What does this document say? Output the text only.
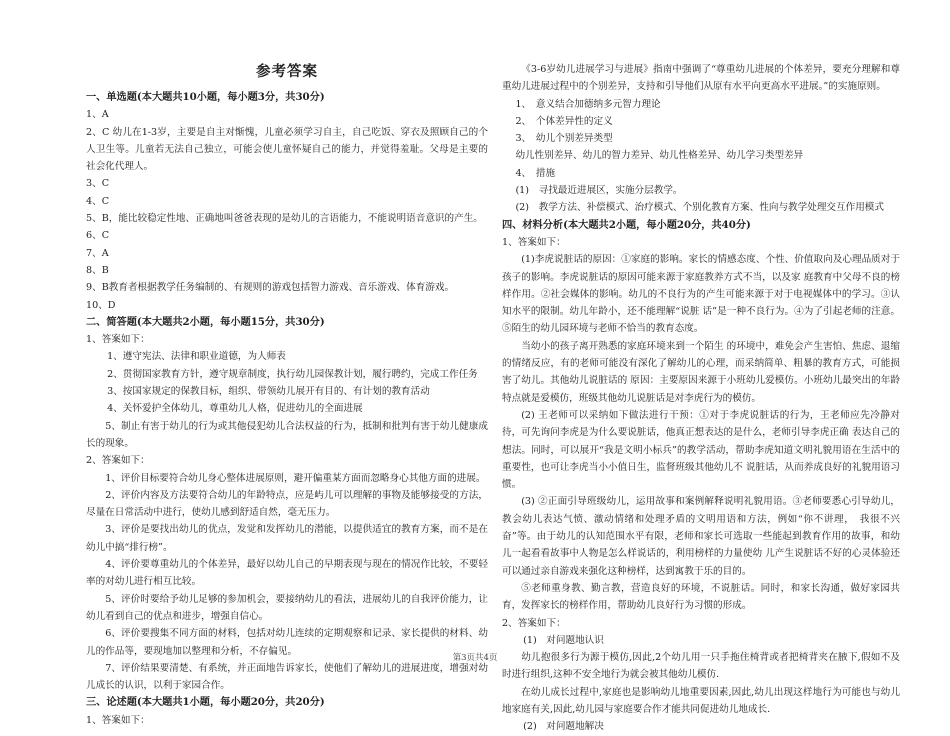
参考答案
一、单选题(本大题共10小题，每小题3分，共30分)
1、A
2、C 幼儿在1-3岁，主要是自主对惭愧，儿童必须学习自主，自己吃饭、穿衣及照顾自己的个人卫生等。儿童若无法自己独立，可能会使儿童怀疑自己的能力，并觉得羞耻。父母是主要的社会化代理人。
3、C
4、C
5、B，能比较稳定性地、正确地叫爸爸表现的是幼儿的言语能力，不能说明语音意识的产生。
6、C
7、A
8、B
9、B教育者根据教学任务编制的、有规则的游戏包括智力游戏、音乐游戏、体育游戏。
10、D
二、简答题(本大题共2小题，每小题15分，共30分)
1、答案如下：
1、遵守宪法、法律和职业道德，为人师表
2、贯彻国家教育方针，遵守规章制度，执行幼儿园保教计划，履行聘约，完成工作任务
3、按国家规定的保教目标，组织、带领幼儿展开有目的、有计划的教育活动
4、关怀爱护全体幼儿，尊重幼儿人格，促进幼儿的全面进展
5、制止有害于幼儿的行为或其他侵犯幼儿合法权益的行为，抵制和批判有害于幼儿健康成长的现象。
2、答案如下：
1、评价目标要符合幼儿身心整体进展原则，避开偏重某方面而忽略身心其他方面的进展。
2、评价内容及方法要符合幼儿的年龄特点，应是屿儿可以理解的事物及能够接受的方法，尽量在日常活动中进行，使幼儿感到舒适自然，毫无压力。
3、评价是要找出幼儿的优点，发觉和发挥幼儿的潜能，以提供适宜的教育方案，而不是在幼儿中搞“排行榜”。
4、评价要尊重幼儿的个体差异，最好以幼儿自己的早期表现与现在的情况作比较，不要轻率的对幼儿进行相互比较。
5、评价时要给予幼儿足够的参加机会，要接纳幼儿的看法，进展幼儿的自我评价能力，让幼儿看到自己的优点和进步，增强自信心。
6、评价要搜集不同方面的材料，包括对幼儿连续的定期观察和记录、家长提供的材料、幼儿的作品等，要现地加以整理和分析，不存偏见。
7、评价结果要清楚、有系统，并正面地告诉家长，使他们了解幼儿的进展进度，增强对幼儿成长的认识，以利于家园合作。
三、论述题(本大题共1小题，每小题20分，共20分)
1、答案如下：
《3-6岁幼儿进展学习与进展》指南中强调了“尊重幼儿进展的个体差异，要充分理解和尊重幼儿进展过程中的个别差异，支持和引导他们从原有水平向更高水平进展。”的实施原则。
1、　意义结合加德纳多元智力理论
2、　个体差异性的定义
3、　幼儿个别差异类型
幼儿性别差异、幼儿的智力差异、幼儿性格差异、幼儿学习类型差异
4、　措施
(1)　寻找最近进展区，实施分层教学。
(2)　教学方法、补偿模式、治疗模式、个别化教育方案、性向与教学处理交互作用模式
四、材料分析(本大题共2小题，每小题20分，共40分)
1、答案如下：
(1)李虎说脏话的原因：①家庭的影响。家长的情感态度、个性、价值取向及心理品质对于孩子的影响。李虎说脏话的原因可能来源于家庭教养方式不当，以及家 庭教育中父母不良的榜样作用。②社会媒体的影响。幼儿的不良行为的产生可能来源于对于电视媒体中的学习。③认知水平的限制。幼儿年龄小，还不能理解“说脏 话”是一种不良行为。④为了引起老师的注意。⑤陌生的幼儿园环境与老师不恰当的教育态度。
当幼小的孩子离开熟悉的家庭环境来到一个陌生 的环境中，难免会产生害怕、焦虑、退缩的情绪反应，有的老师可能没有深化了解幼儿的心理，而采纳简单、粗暴的教育方式，可能损害了幼儿。其他幼儿说脏话的 原因：主要原因来源于小班幼儿爱模仿。小班幼儿最突出的年龄特点就是爱模仿，班级其他幼儿说脏话是对李虎行为的模仿。
(2) 王老师可以采纳如下做法进行干预：①对于李虎说脏话的行为，王老师应先冷静对待，可先询问李虎是为什么要说脏话，他真正想表达的是什么，老师引导李虎正确 表达自己的想法。同时，可以展开“我是文明小标兵”的教学活动，帮助李虎知道文明礼貌用语在生活中的重要性，也可让李虎当小小值日生，监督班级其他幼儿不 说脏话，从而养成良好的礼貌用语习惯。
(3) ②正面引导班级幼儿，运用故事和案例解释说明礼貌用语。③老师要悉心引导幼儿，教会幼儿表达气愤、激动情绪和处理矛盾的文明用语和方法，例如“你不讲理，　我很不兴奋”等。由于幼儿的认知范围水平有限，老师和家长可选取一些能起到教育作用的故事，和幼儿一起看看故事中人物是怎么样说话的，利用榜样的力量使幼 儿产生说脏话不好的心灵体验还可以通过亲自游戏来强化这种榜样，达到寓教于乐的目的。
⑤老师重身教、勤言教，营造良好的环境，不说脏话。同时，和家长沟通，做好家园共育，发挥家长的榜样作用，帮助幼儿良好行为习惯的形成。
2、答案如下：
(1)　对问题地认识
幼儿抱很多行为源于模仿,因此,2个幼儿用一只手拖住椅背或者把椅背夹在腋下,假如不及时进行组织,这种不安全地行为就会被其他幼儿模仿.
在幼儿成长过程中,家庭也是影响幼儿地重要因素,因此,幼儿出现这样地行为可能也与幼儿地家庭有关,因此,幼儿园与家庭要合作才能共同促进幼儿地成长.
(2)　对问题地解决
第3页共4页
